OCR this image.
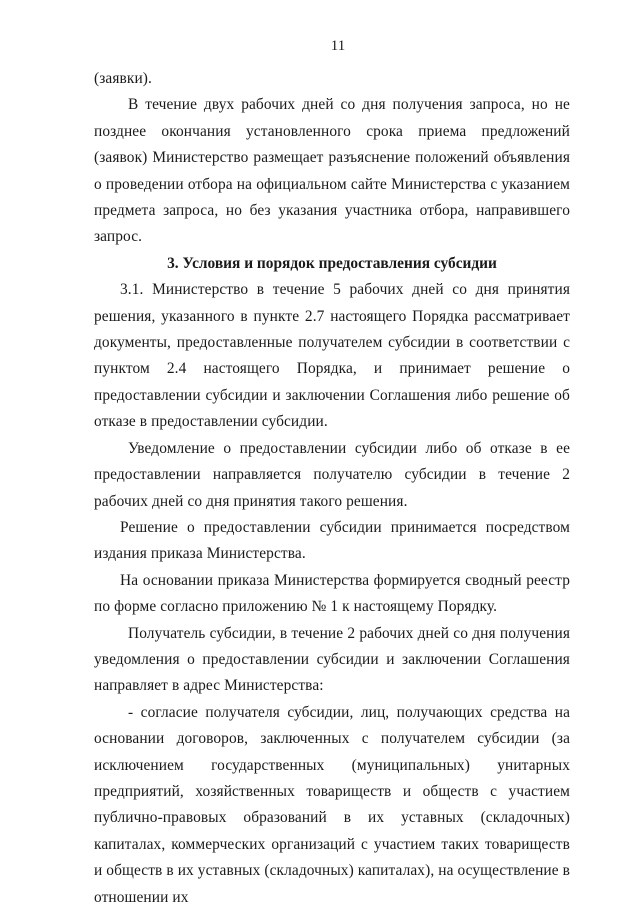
11

(заявки).

В течение двух рабочих дней со дня получения запроса, но не позднее окончания установленного срока приема предложений (заявок) Министерство размещает разъяснение положений объявления о проведении отбора на официальном сайте Министерства с указанием предмета запроса, но без указания участника отбора, направившего запрос.

3. Условия и порядок предоставления субсидии

3.1. Министерство в течение 5 рабочих дней со дня принятия решения, указанного в пункте 2.7 настоящего Порядка рассматривает документы, предоставленные получателем субсидии в соответствии с пунктом 2.4 настоящего Порядка, и принимает решение о предоставлении субсидии и заключении Соглашения либо решение об отказе в предоставлении субсидии.

Уведомление о предоставлении субсидии либо об отказе в ее предоставлении направляется получателю субсидии в течение 2 рабочих дней со дня принятия такого решения.

Решение о предоставлении субсидии принимается посредством издания приказа Министерства.

На основании приказа Министерства формируется сводный реестр по форме согласно приложению № 1 к настоящему Порядку.

Получатель субсидии, в течение 2 рабочих дней со дня получения уведомления о предоставлении субсидии и заключении Соглашения направляет в адрес Министерства:

- согласие получателя субсидии, лиц, получающих средства на основании договоров, заключенных с получателем субсидии (за исключением государственных (муниципальных) унитарных предприятий, хозяйственных товариществ и обществ с участием публично-правовых образований в их уставных (складочных) капиталах, коммерческих организаций с участием таких товариществ и обществ в их уставных (складочных) капиталах), на осуществление в отношении их
